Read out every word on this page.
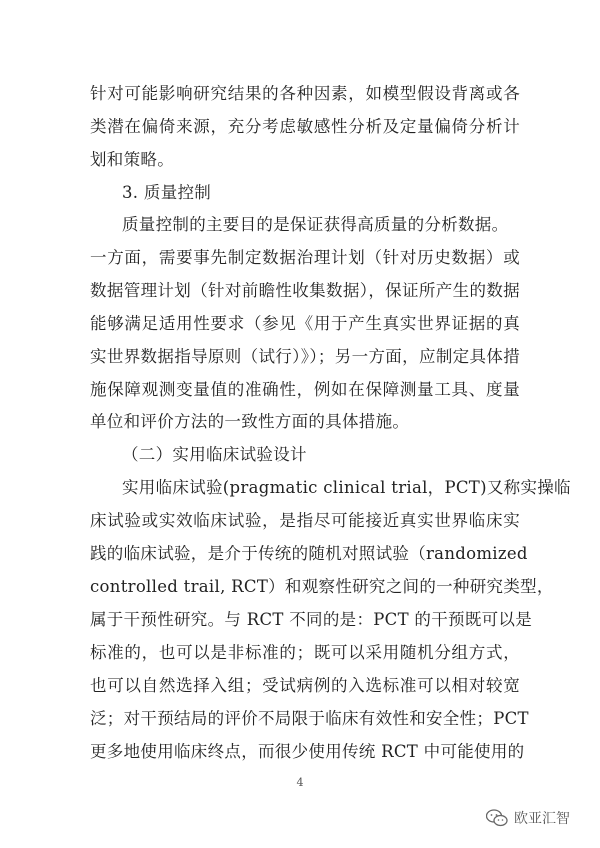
针对可能影响研究结果的各种因素，如模型假设背离或各
类潜在偏倚来源，充分考虑敏感性分析及定量偏倚分析计
划和策略。
3. 质量控制
质量控制的主要目的是保证获得高质量的分析数据。
一方面，需要事先制定数据治理计划（针对历史数据）或
数据管理计划（针对前瞻性收集数据），保证所产生的数据
能够满足适用性要求（参见《用于产生真实世界证据的真
实世界数据指导原则（试行）》）；另一方面，应制定具体措
施保障观测变量值的准确性，例如在保障测量工具、度量
单位和评价方法的一致性方面的具体措施。
（二）实用临床试验设计
实用临床试验(pragmatic clinical trial，PCT)又称实操临
床试验或实效临床试验，是指尽可能接近真实世界临床实
践的临床试验，是介于传统的随机对照试验（randomized
controlled trail, RCT）和观察性研究之间的一种研究类型，
属于干预性研究。与 RCT 不同的是：PCT 的干预既可以是
标准的，也可以是非标准的；既可以采用随机分组方式，
也可以自然选择入组；受试病例的入选标准可以相对较宽
泛；对干预结局的评价不局限于临床有效性和安全性；PCT
更多地使用临床终点，而很少使用传统 RCT 中可能使用的
4
欧亚汇智
